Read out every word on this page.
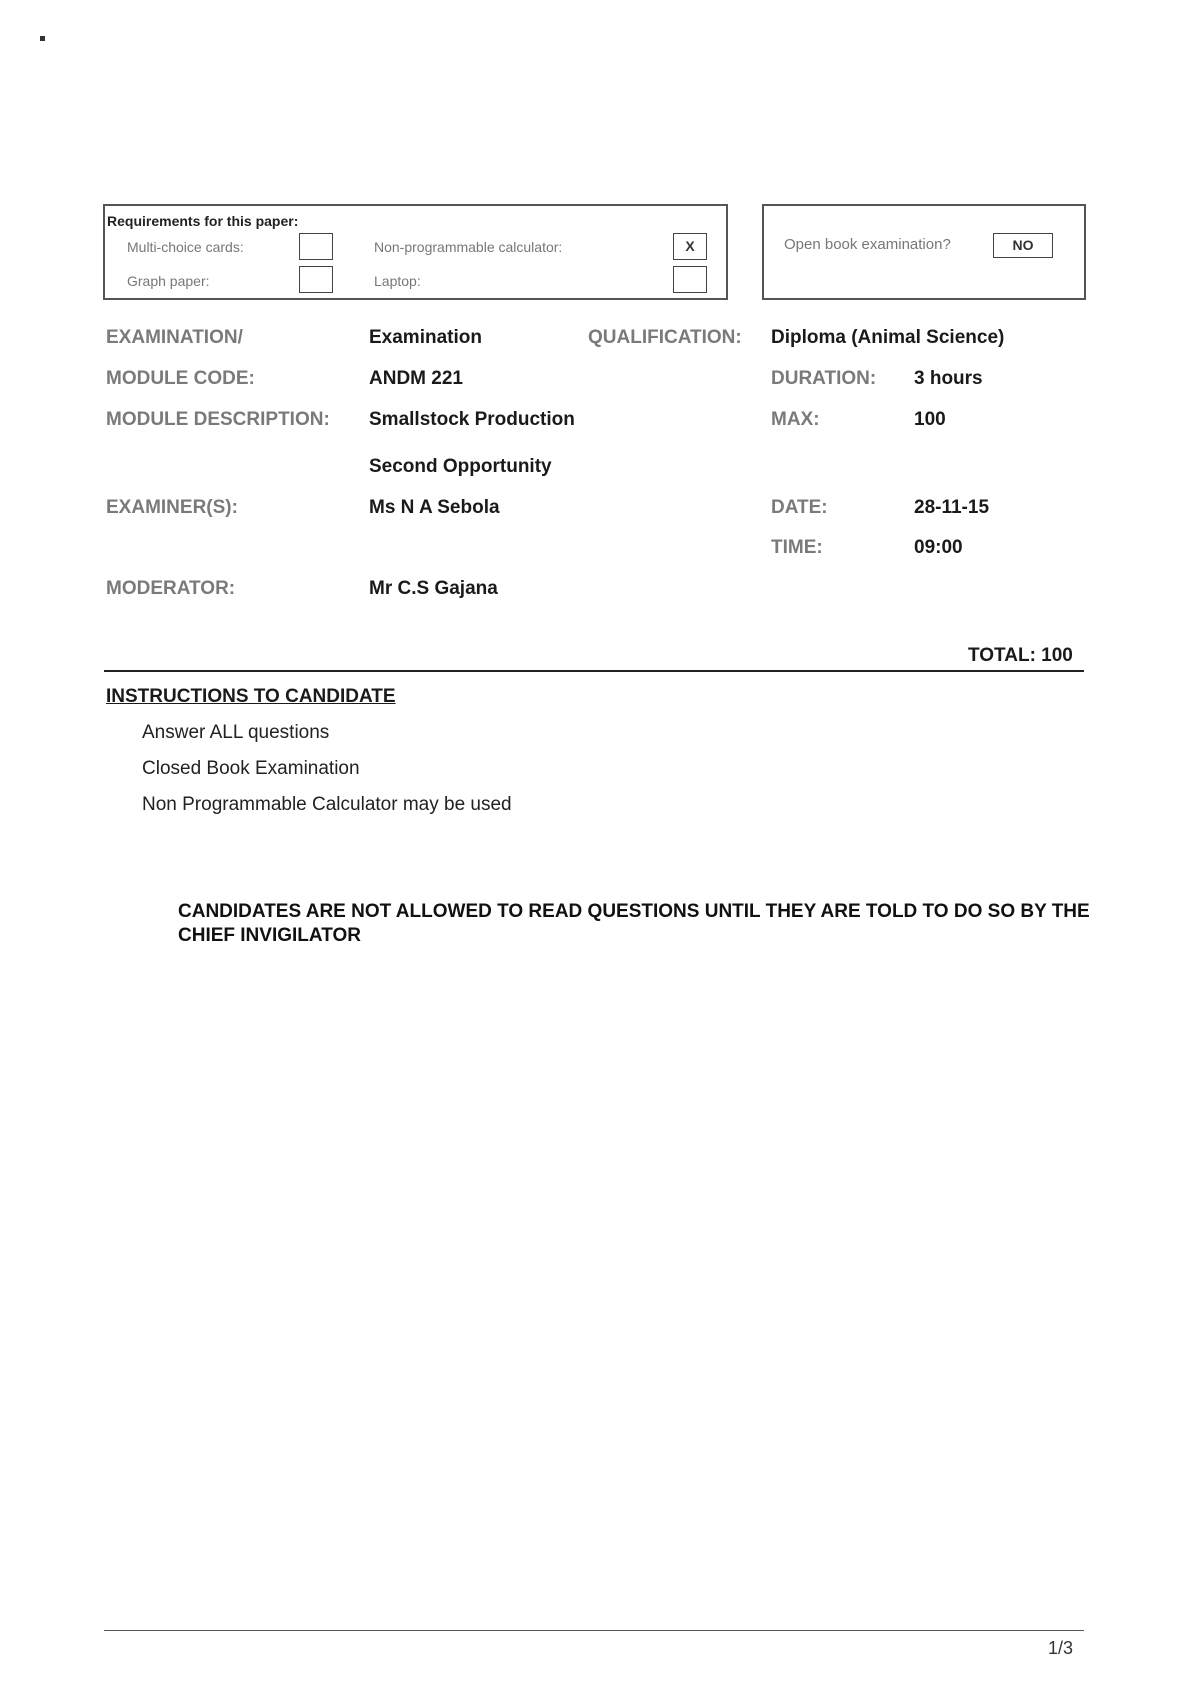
Requirements for this paper:
Multi-choice cards:
Graph paper:
Non-programmable calculator:	X
Laptop:
Open book examination?	NO
EXAMINATION/	Examination	QUALIFICATION: Diploma (Animal Science)
MODULE CODE:	ANDM 221	DURATION: 3 hours
MODULE DESCRIPTION: Smallstock Production	MAX:	100
Second Opportunity
EXAMINER(S):	Ms N A Sebola	DATE:	28-11-15
TIME:	09:00
MODERATOR:	Mr C.S Gajana
TOTAL: 100
INSTRUCTIONS TO CANDIDATE
Answer ALL questions
Closed Book Examination
Non Programmable Calculator may be used
CANDIDATES ARE NOT ALLOWED TO READ QUESTIONS UNTIL THEY ARE TOLD TO DO SO BY THE CHIEF INVIGILATOR
1/3
